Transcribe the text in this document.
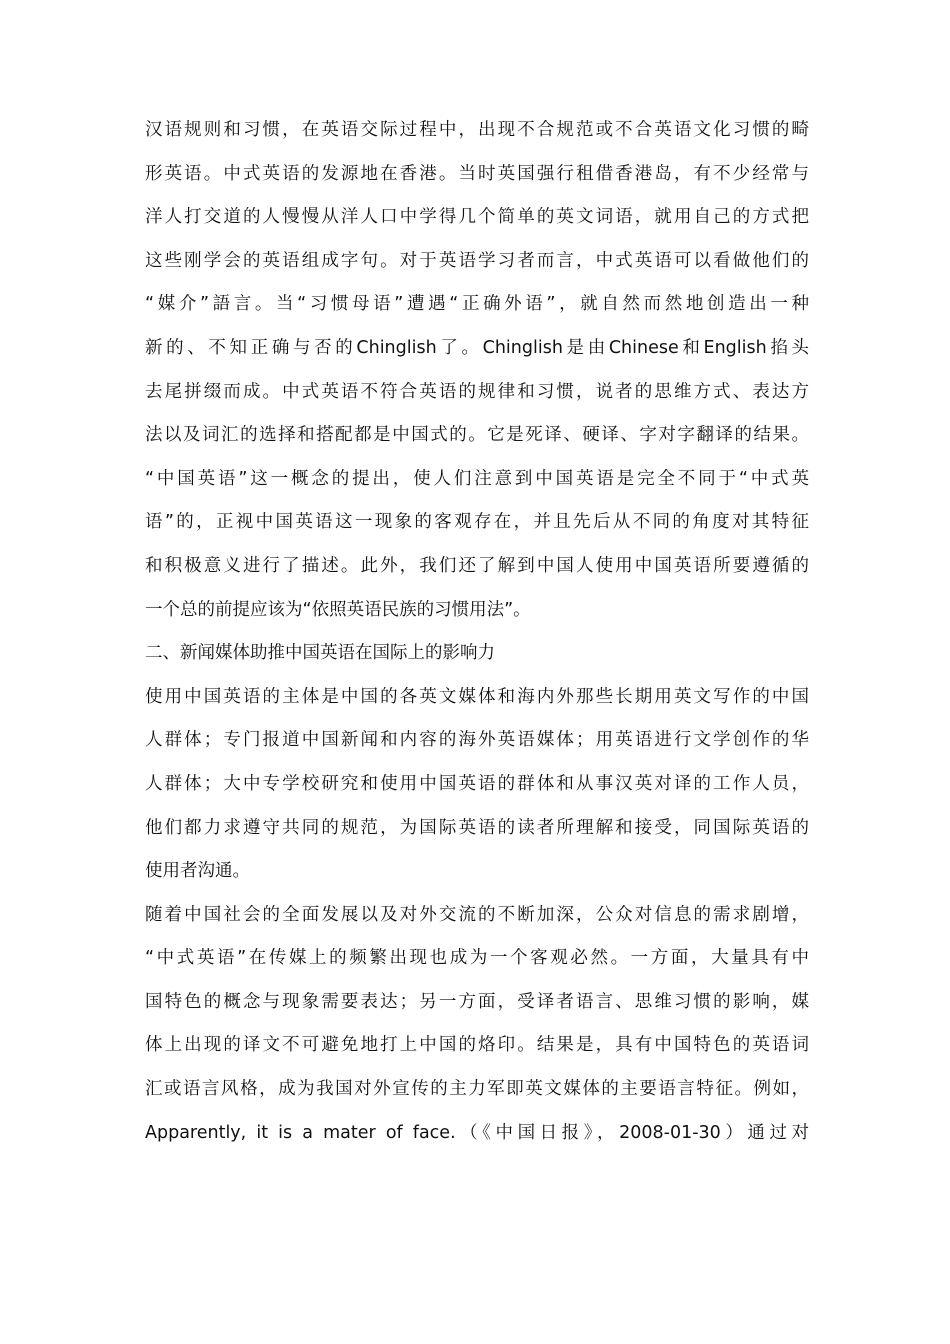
汉语规则和习惯，在英语交际过程中，出现不合规范或不合英语文化习惯的畸
形英语。中式英语的发源地在香港。当时英国强行租借香港岛，有不少经常与
洋人打交道的人慢慢从洋人口中学得几个简单的英文词语，就用自己的方式把
这些刚学会的英语组成字句。对于英语学习者而言，中式英语可以看做他们的
“媒介”語言。当“习惯母语”遭遇“正确外语”，就自然而然地创造出一种
新的、不知正确与否的Chinglish了。Chinglish是由Chinese和English掐头
去尾拼缀而成。中式英语不符合英语的规律和习惯，说者的思维方式、表达方
法以及词汇的选择和搭配都是中国式的。它是死译、硬译、字对字翻译的结果。
“中国英语”这一概念的提出，使人们注意到中国英语是完全不同于“中式英
语”的，正视中国英语这一现象的客观存在，并且先后从不同的角度对其特征
和积极意义进行了描述。此外，我们还了解到中国人使用中国英语所要遵循的
一个总的前提应该为“依照英语民族的习惯用法”。
二、新闻媒体助推中国英语在国际上的影响力
使用中国英语的主体是中国的各英文媒体和海内外那些长期用英文写作的中国
人群体；专门报道中国新闻和内容的海外英语媒体；用英语进行文学创作的华
人群体；大中专学校研究和使用中国英语的群体和从事汉英对译的工作人员，
他们都力求遵守共同的规范，为国际英语的读者所理解和接受，同国际英语的
使用者沟通。
随着中国社会的全面发展以及对外交流的不断加深，公众对信息的需求剧增，
“中式英语”在传媒上的频繁出现也成为一个客观必然。一方面，大量具有中
国特色的概念与现象需要表达；另一方面，受译者语言、思维习惯的影响，媒
体上出现的译文不可避免地打上中国的烙印。结果是，具有中国特色的英语词
汇或语言风格，成为我国对外宣传的主力军即英文媒体的主要语言特征。例如，
Apparently, it is a mater of face.（《中国日报》，2008-01-30）通过对
